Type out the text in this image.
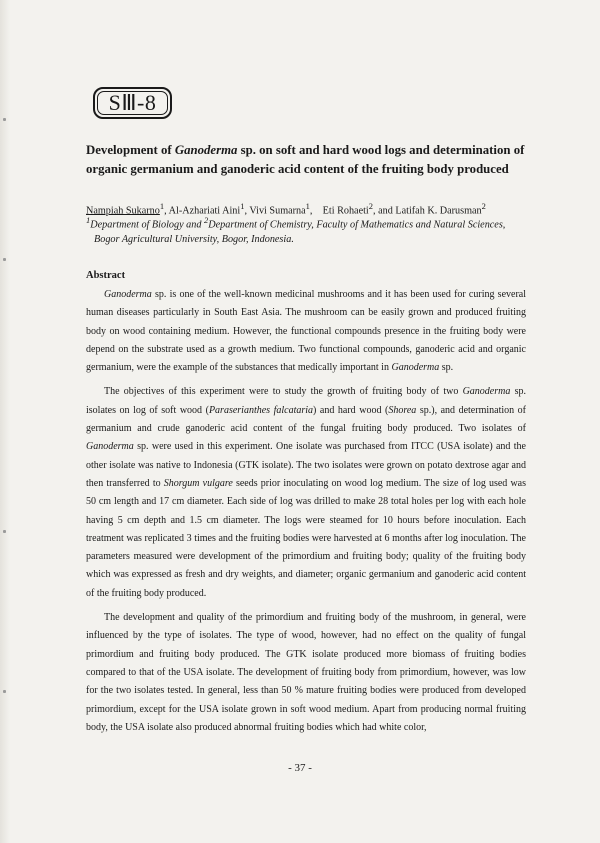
SⅢ-8
Development of Ganoderma sp. on soft and hard wood logs and determination of organic germanium and ganoderic acid content of the fruiting body produced
Nampiah Sukarno$^1$, Al-Azhariati Aini$^1$, Vivi Sumarna$^1$,    Eti Rohaeti$^2$, and Latifah K. Darusman$^2$
$^1$Department of Biology and $^2$Department of Chemistry, Faculty of Mathematics and Natural Sciences,
Bogor Agricultural University, Bogor, Indonesia.
Abstract

Ganoderma sp. is one of the well-known medicinal mushrooms and it has been used for curing several human diseases particularly in South East Asia. The mushroom can be easily grown and produced fruiting body on wood containing medium. However, the functional compounds presence in the fruiting body were depend on the substrate used as a growth medium. Two functional compounds, ganoderic acid and organic germanium, were the example of the substances that medically important in Ganoderma sp.

The objectives of this experiment were to study the growth of fruiting body of two Ganoderma sp. isolates on log of soft wood (Paraserianthes falcataria) and hard wood (Shorea sp.), and determination of germanium and crude ganoderic acid content of the fungal fruiting body produced. Two isolates of Ganoderma sp. were used in this experiment. One isolate was purchased from ITCC (USA isolate) and the other isolate was native to Indonesia (GTK isolate). The two isolates were grown on potato dextrose agar and then transferred to Shorgum vulgare seeds prior inoculating on wood log medium. The size of log used was 50 cm length and 17 cm diameter. Each side of log was drilled to make 28 total holes per log with each hole having 5 cm depth and 1.5 cm diameter. The logs were steamed for 10 hours before inoculation. Each treatment was replicated 3 times and the fruiting bodies were harvested at 6 months after log inoculation. The parameters measured were development of the primordium and fruiting body; quality of the fruiting body which was expressed as fresh and dry weights, and diameter; organic germanium and ganoderic acid content of the fruiting body produced.

The development and quality of the primordium and fruiting body of the mushroom, in general, were influenced by the type of isolates. The type of wood, however, had no effect on the quality of fungal primordium and fruiting body produced. The GTK isolate produced more biomass of fruiting bodies compared to that of the USA isolate. The development of fruiting body from primordium, however, was low for the two isolates tested. In general, less than 50 % mature fruiting bodies were produced from developed primordium, except for the USA isolate grown in soft wood medium. Apart from producing normal fruiting body, the USA isolate also produced abnormal fruiting bodies which had white color,

- 37 -
